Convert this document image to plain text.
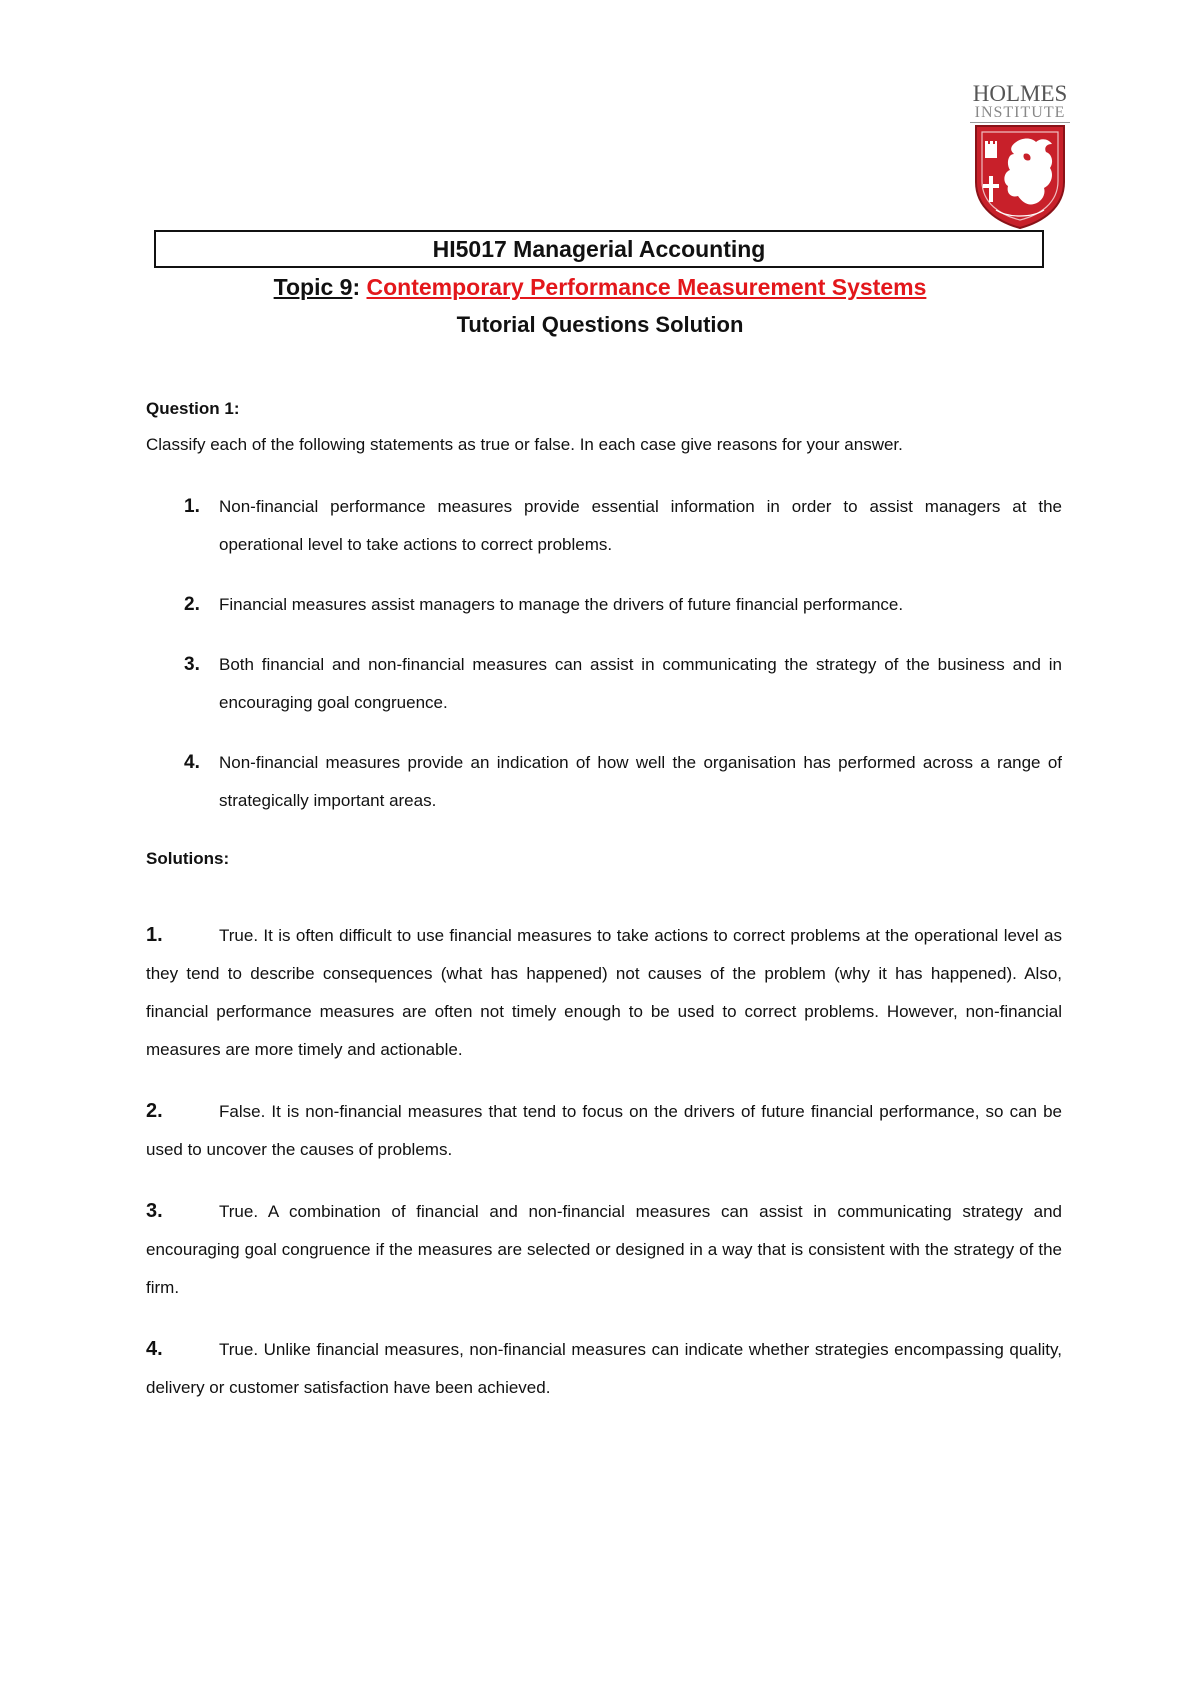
HOLMES
INSTITUTE
HI5017 Managerial Accounting
Topic 9: Contemporary Performance Measurement Systems
Tutorial Questions Solution
Question 1:
Classify each of the following statements as true or false. In each case give reasons for your answer.
1. Non-financial performance measures provide essential information in order to assist managers at the operational level to take actions to correct problems.
2. Financial measures assist managers to manage the drivers of future financial performance.
3. Both financial and non-financial measures can assist in communicating the strategy of the business and in encouraging goal congruence.
4. Non-financial measures provide an indication of how well the organisation has performed across a range of strategically important areas.
Solutions:
1.	True. It is often difficult to use financial measures to take actions to correct problems at the operational level as they tend to describe consequences (what has happened) not causes of the problem (why it has happened). Also, financial performance measures are often not timely enough to be used to correct problems. However, non-financial measures are more timely and actionable.
2.	False. It is non-financial measures that tend to focus on the drivers of future financial performance, so can be used to uncover the causes of problems.
3.	True. A combination of financial and non-financial measures can assist in communicating strategy and encouraging goal congruence if the measures are selected or designed in a way that is consistent with the strategy of the firm.
4.	True. Unlike financial measures, non-financial measures can indicate whether strategies encompassing quality, delivery or customer satisfaction have been achieved.
